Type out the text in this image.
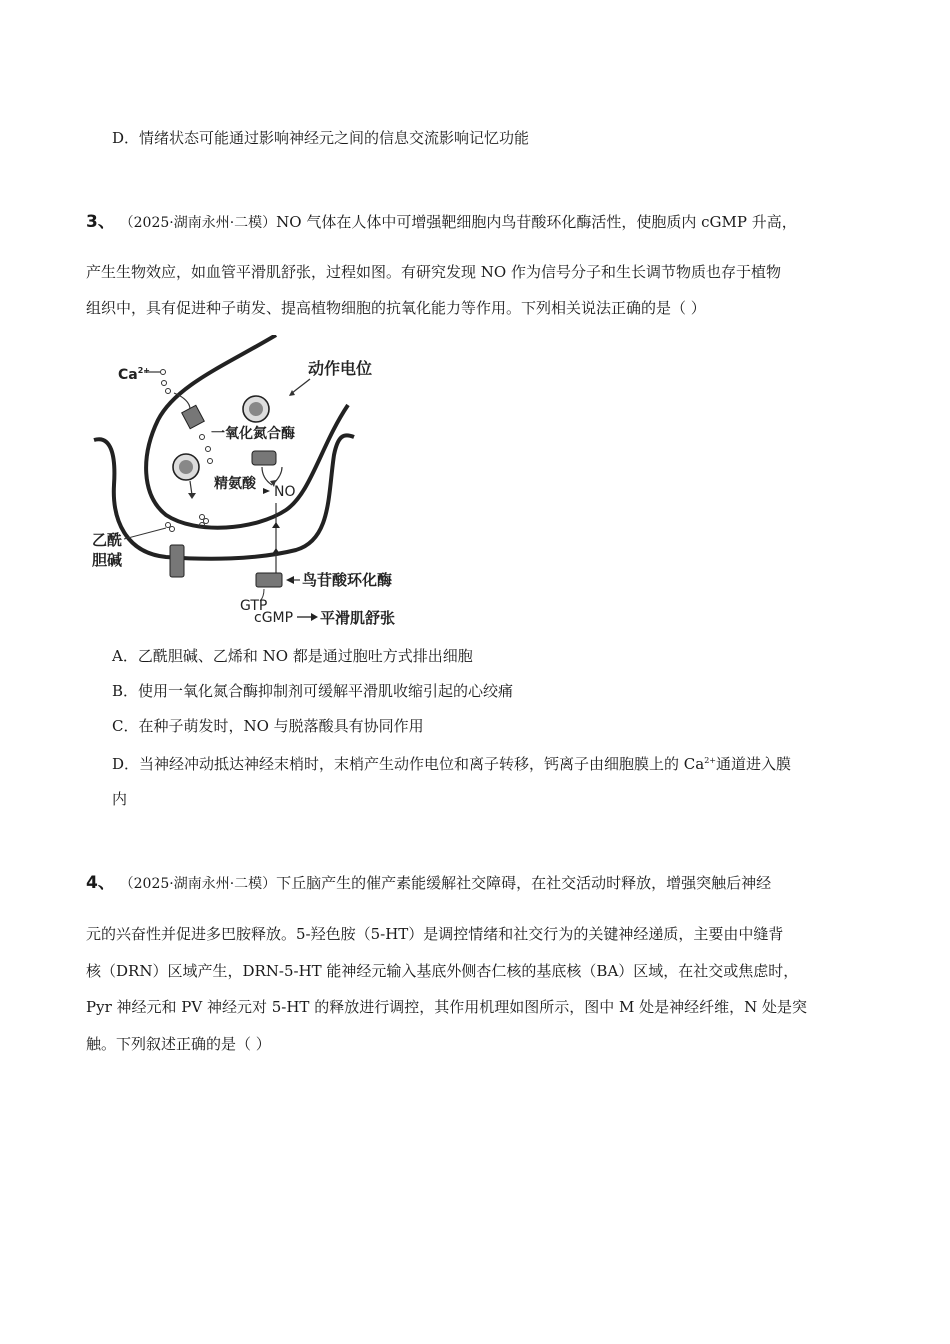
D．情绪状态可能通过影响神经元之间的信息交流影响记忆功能
3、 （2025·湖南永州·二模）NO 气体在人体中可增强靶细胞内鸟苷酸环化酶活性，使胞质内 cGMP 升高，
产生生物效应，如血管平滑肌舒张，过程如图。有研究发现 NO 作为信号分子和生长调节物质也存于植物
组织中，具有促进种子萌发、提高植物细胞的抗氧化能力等作用。下列相关说法正确的是（ ）
$Ca^{2+}$	动作电位
一氧化氮合酶
精氨酸 NO
乙酰
胆碱
鸟苷酸环化酶
GTP
cGMP 平滑肌舒张
A．乙酰胆碱、乙烯和 NO 都是通过胞吐方式排出细胞
B．使用一氧化氮合酶抑制剂可缓解平滑肌收缩引起的心绞痛
C．在种子萌发时，NO 与脱落酸具有协同作用
D．当神经冲动抵达神经末梢时，末梢产生动作电位和离子转移，钙离子由细胞膜上的 $Ca^{2+}$通道进入膜
内
4、 （2025·湖南永州·二模）下丘脑产生的催产素能缓解社交障碍，在社交活动时释放，增强突触后神经
元的兴奋性并促进多巴胺释放。5-羟色胺（5-HT）是调控情绪和社交行为的关键神经递质，主要由中缝背
核（DRN）区域产生，DRN-5-HT 能神经元输入基底外侧杏仁核的基底核（BA）区域，在社交或焦虑时，
Pyr 神经元和 PV 神经元对 5-HT 的释放进行调控，其作用机理如图所示，图中 M 处是神经纤维，N 处是突
触。下列叙述正确的是（ ）
